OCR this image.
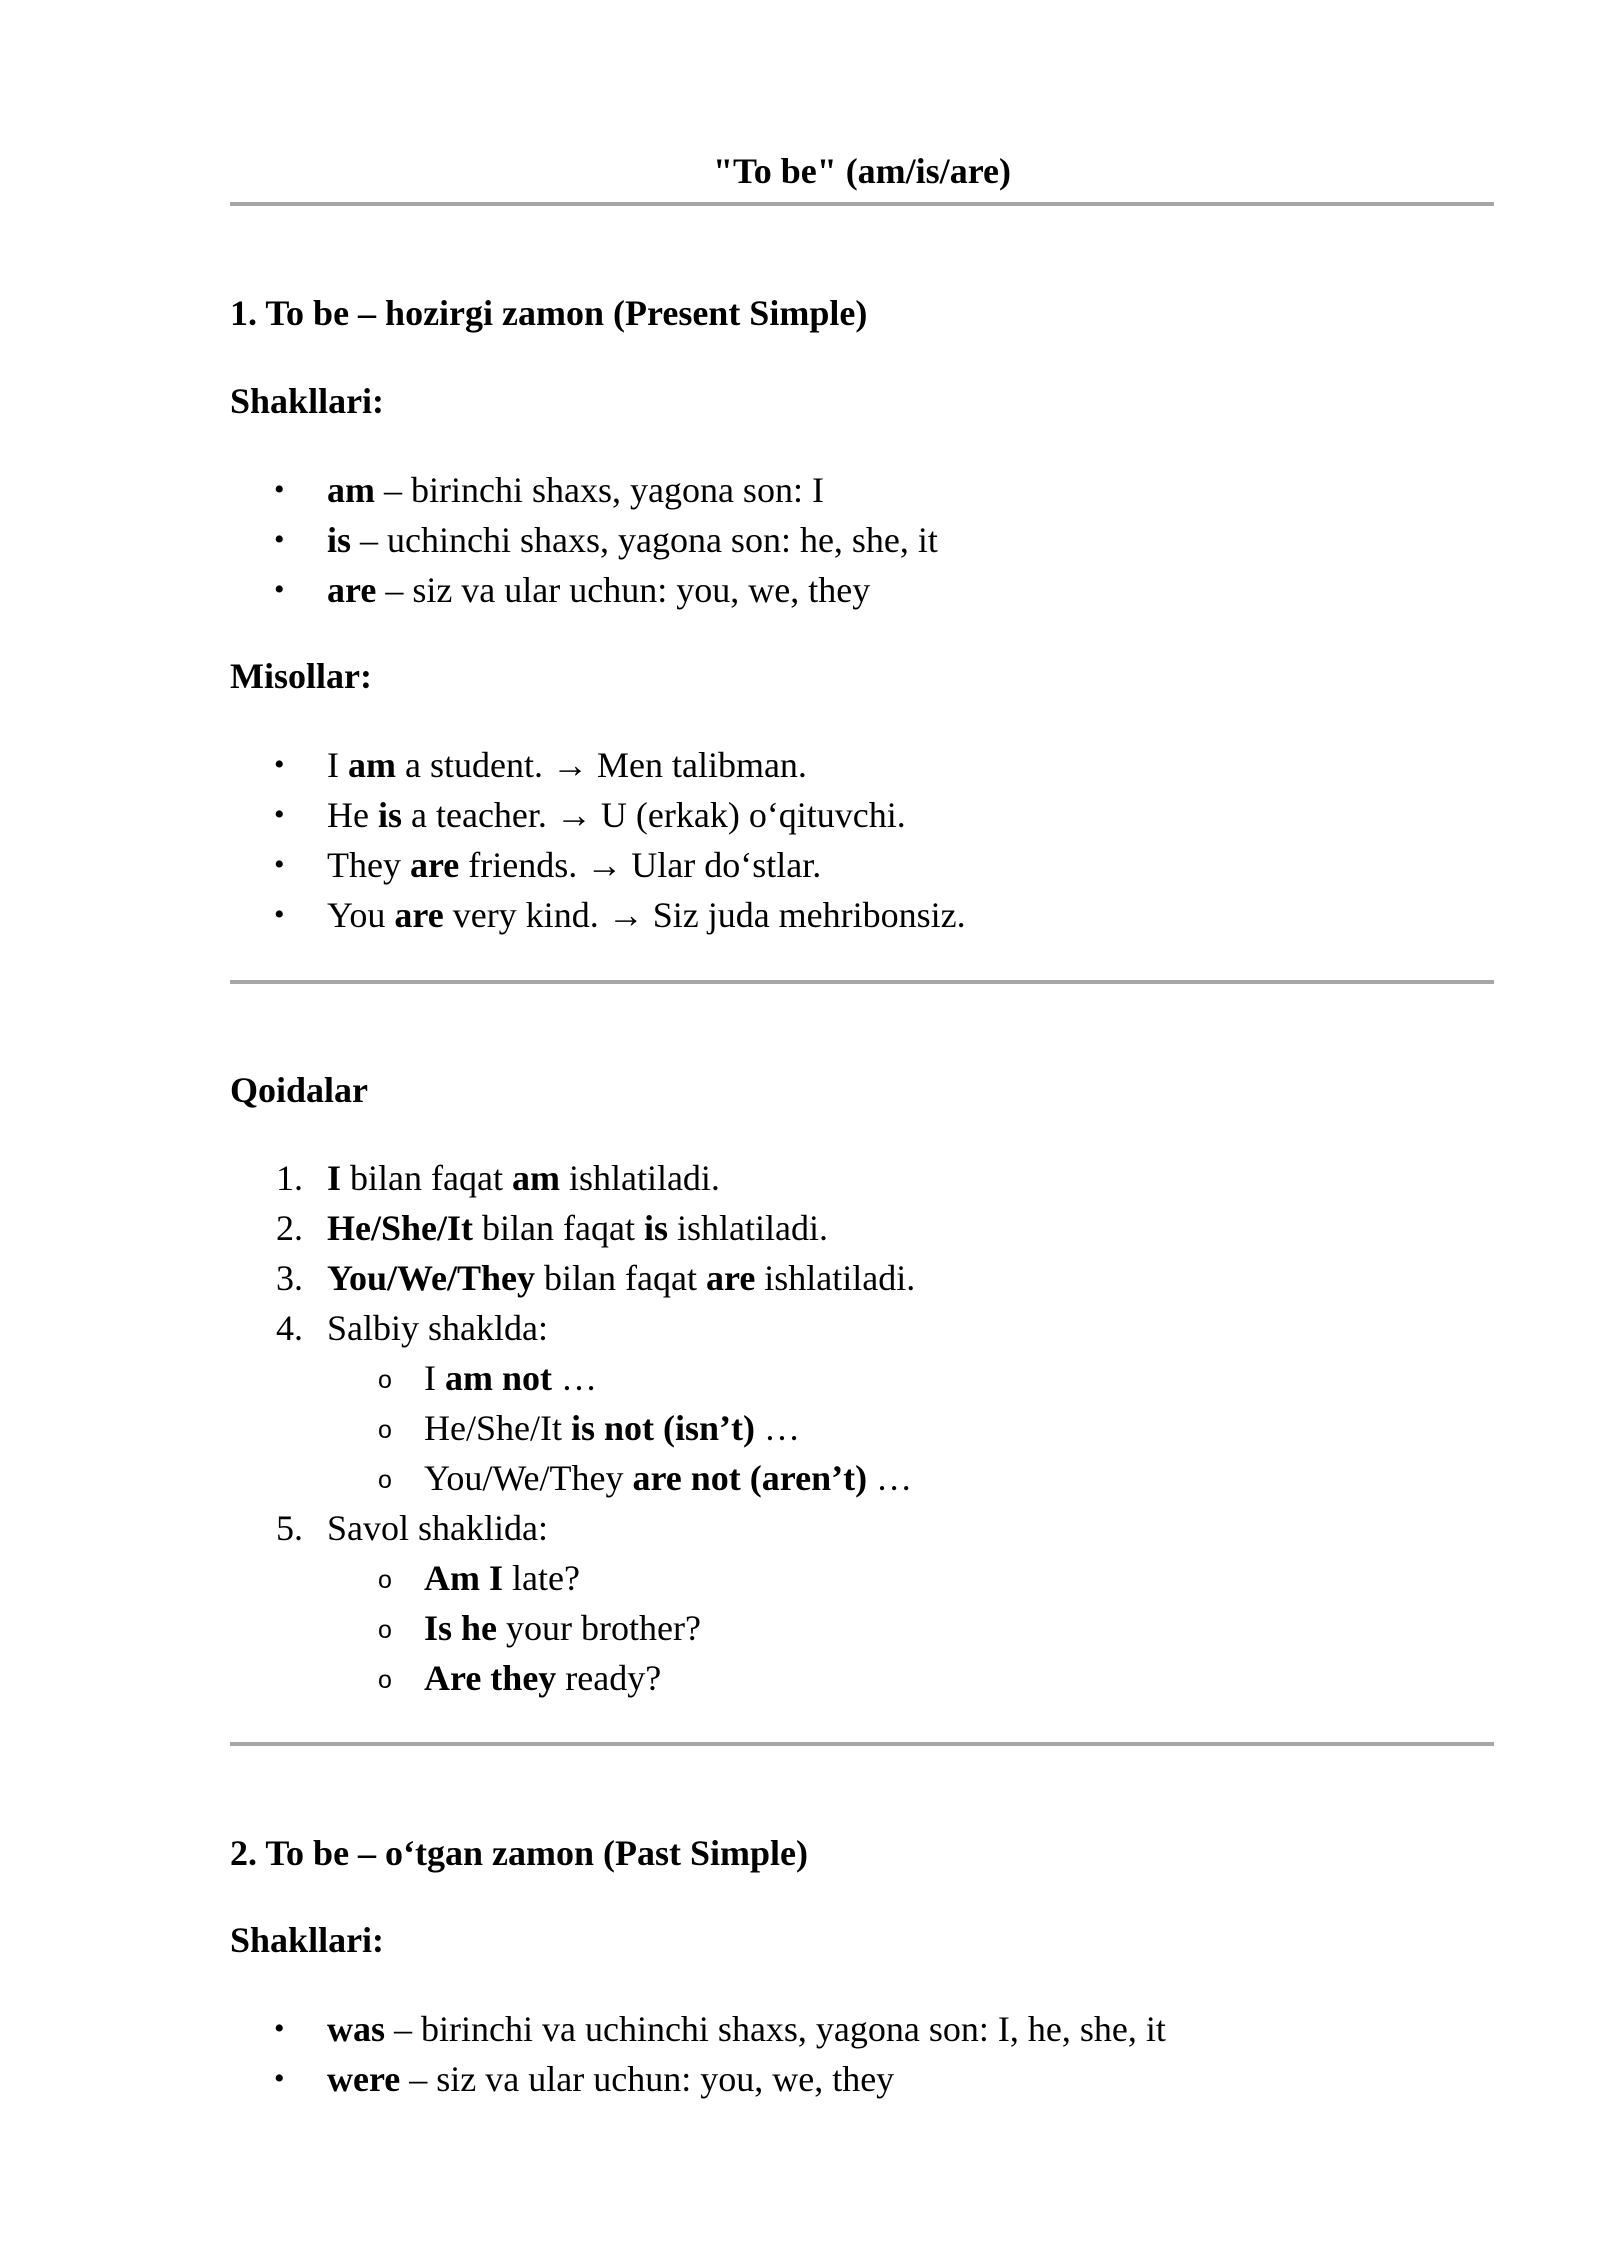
"To be" (am/is/are)
1. To be – hozirgi zamon (Present Simple)
Shakllari:
• am – birinchi shaxs, yagona son: I
• is – uchinchi shaxs, yagona son: he, she, it
• are – siz va ular uchun: you, we, they
Misollar:
• I am a student. → Men talibman.
• He is a teacher. → U (erkak) o‘qituvchi.
• They are friends. → Ular do‘stlar.
• You are very kind. → Siz juda mehribonsiz.
Qoidalar
1. I bilan faqat am ishlatiladi.
2. He/She/It bilan faqat is ishlatiladi.
3. You/We/They bilan faqat are ishlatiladi.
4. Salbiy shaklda:
o I am not …
o He/She/It is not (isn’t) …
o You/We/They are not (aren’t) …
5. Savol shaklida:
o Am I late?
o Is he your brother?
o Are they ready?
2. To be – o‘tgan zamon (Past Simple)
Shakllari:
• was – birinchi va uchinchi shaxs, yagona son: I, he, she, it
• were – siz va ular uchun: you, we, they
